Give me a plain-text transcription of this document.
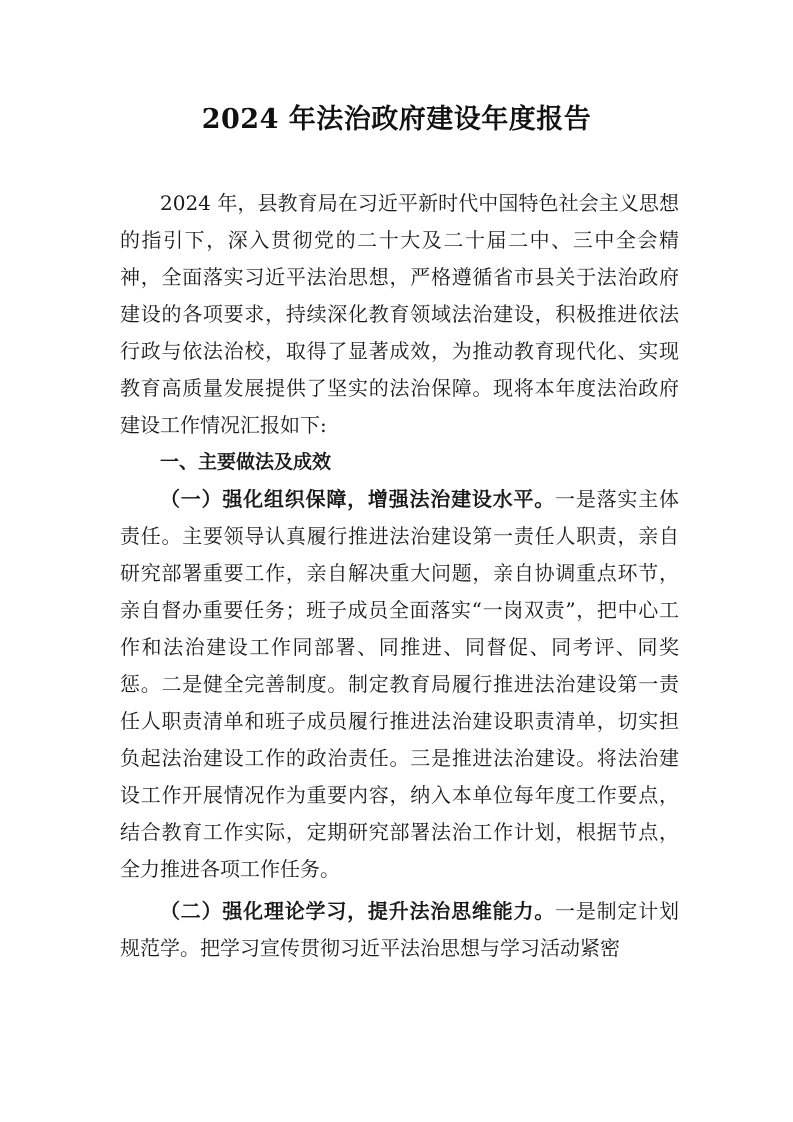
2024 年法治政府建设年度报告

2024 年，县教育局在习近平新时代中国特色社会主义思想的指引下，深入贯彻党的二十大及二十届二中、三中全会精神，全面落实习近平法治思想，严格遵循省市县关于法治政府建设的各项要求，持续深化教育领域法治建设，积极推进依法行政与依法治校，取得了显著成效，为推动教育现代化、实现教育高质量发展提供了坚实的法治保障。现将本年度法治政府建设工作情况汇报如下:

一、主要做法及成效

（一）强化组织保障，增强法治建设水平。一是落实主体责任。主要领导认真履行推进法治建设第一责任人职责，亲自研究部署重要工作，亲自解决重大问题，亲自协调重点环节，亲自督办重要任务；班子成员全面落实“一岗双责”，把中心工作和法治建设工作同部署、同推进、同督促、同考评、同奖惩。二是健全完善制度。制定教育局履行推进法治建设第一责任人职责清单和班子成员履行推进法治建设职责清单，切实担负起法治建设工作的政治责任。三是推进法治建设。将法治建设工作开展情况作为重要内容，纳入本单位每年度工作要点，结合教育工作实际，定期研究部署法治工作计划，根据节点，全力推进各项工作任务。

（二）强化理论学习，提升法治思维能力。一是制定计划规范学。把学习宣传贯彻习近平法治思想与学习活动紧密
